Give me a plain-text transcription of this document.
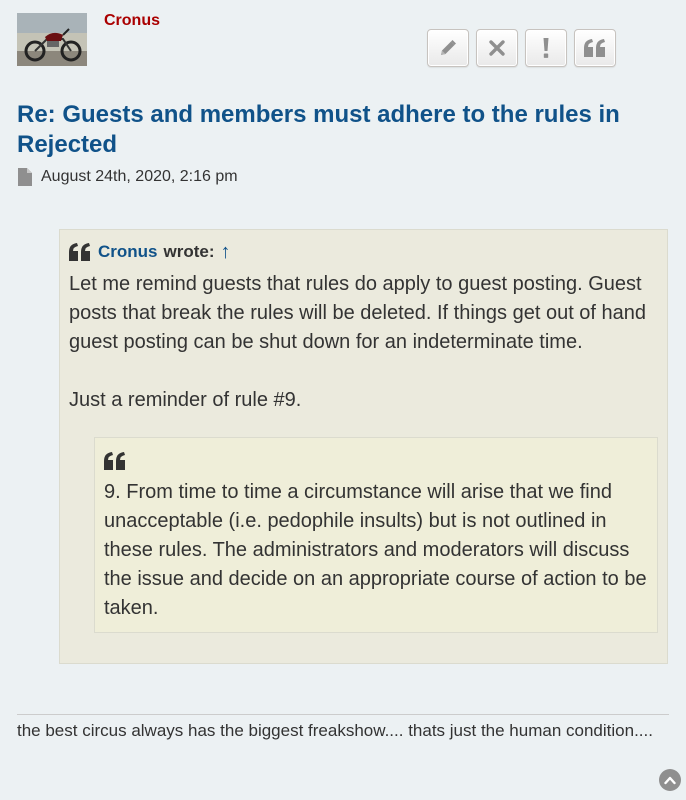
Cronus
Re: Guests and members must adhere to the rules in Rejected
August 24th, 2020, 2:16 pm
Cronus wrote: ↑

Let me remind guests that rules do apply to guest posting. Guest posts that break the rules will be deleted. If things get out of hand guest posting can be shut down for an indeterminate time.

Just a reminder of rule #9.

9. From time to time a circumstance will arise that we find unacceptable (i.e. pedophile insults) but is not outlined in these rules. The administrators and moderators will discuss the issue and decide on an appropriate course of action to be taken.

the best circus always has the biggest freakshow.... thats just the human condition....
